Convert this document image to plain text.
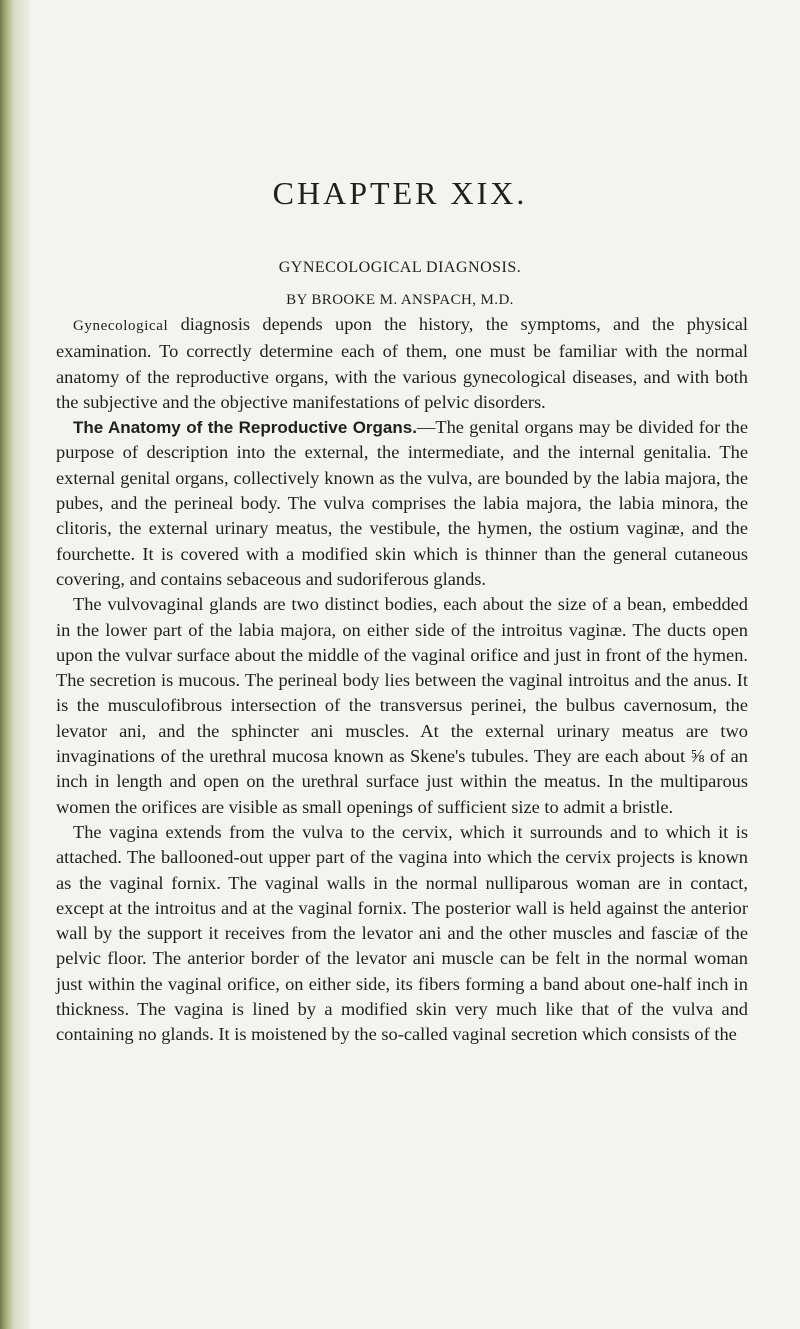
CHAPTER XIX.
GYNECOLOGICAL DIAGNOSIS.
BY BROOKE M. ANSPACH, M.D.

Gynecological diagnosis depends upon the history, the symptoms, and the physical examination. To correctly determine each of them, one must be familiar with the normal anatomy of the reproductive organs, with the various gynecological diseases, and with both the subjective and the objective manifestations of pelvic disorders.

The Anatomy of the Reproductive Organs.—The genital organs may be divided for the purpose of description into the external, the intermediate, and the internal genitalia. The external genital organs, collectively known as the vulva, are bounded by the labia majora, the pubes, and the perineal body. The vulva comprises the labia majora, the labia minora, the clitoris, the external urinary meatus, the vestibule, the hymen, the ostium vaginæ, and the fourchette. It is covered with a modified skin which is thinner than the general cutaneous covering, and contains sebaceous and sudoriferous glands.

The vulvovaginal glands are two distinct bodies, each about the size of a bean, embedded in the lower part of the labia majora, on either side of the introitus vaginæ. The ducts open upon the vulvar surface about the middle of the vaginal orifice and just in front of the hymen. The secretion is mucous. The perineal body lies between the vaginal introitus and the anus. It is the musculofibrous intersection of the transversus perinei, the bulbus cavernosum, the levator ani, and the sphincter ani muscles. At the external urinary meatus are two invaginations of the urethral mucosa known as Skene's tubules. They are each about ⅝ of an inch in length and open on the urethral surface just within the meatus. In the multiparous women the orifices are visible as small openings of sufficient size to admit a bristle.

The vagina extends from the vulva to the cervix, which it surrounds and to which it is attached. The ballooned-out upper part of the vagina into which the cervix projects is known as the vaginal fornix. The vaginal walls in the normal nulliparous woman are in contact, except at the introitus and at the vaginal fornix. The posterior wall is held against the anterior wall by the support it receives from the levator ani and the other muscles and fasciæ of the pelvic floor. The anterior border of the levator ani muscle can be felt in the normal woman just within the vaginal orifice, on either side, its fibers forming a band about one-half inch in thickness. The vagina is lined by a modified skin very much like that of the vulva and containing no glands. It is moistened by the so-called vaginal secretion which consists of the
